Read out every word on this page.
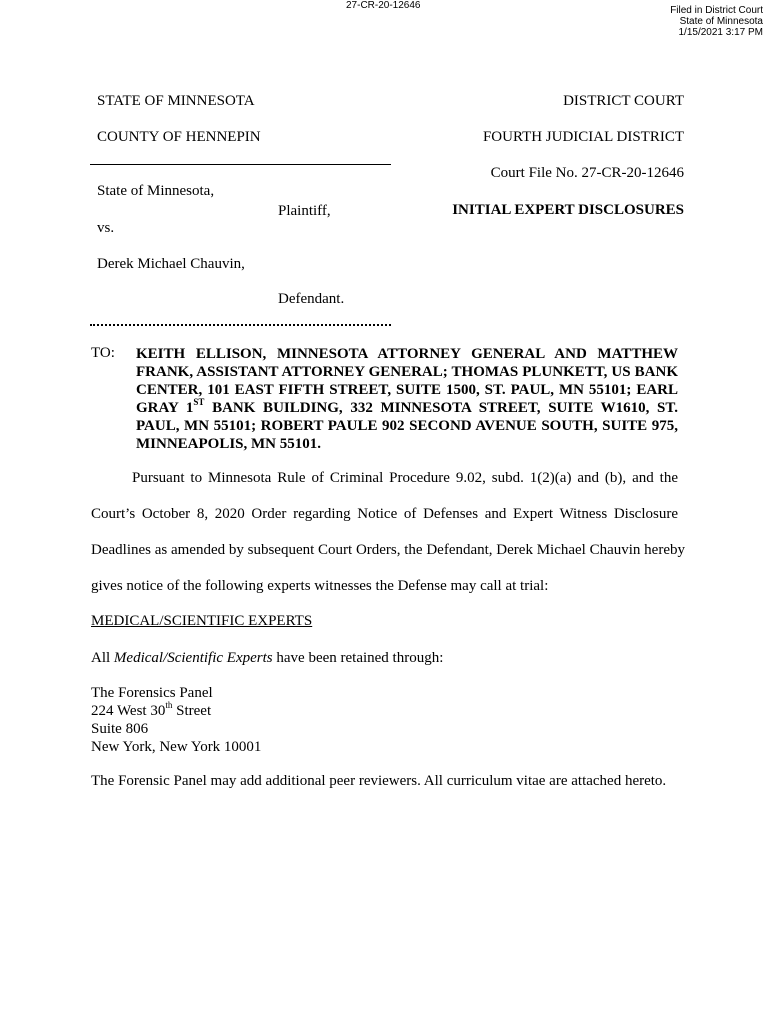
27-CR-20-12646	Filed in District Court
State of Minnesota
1/15/2021 3:17 PM
STATE OF MINNESOTA
COUNTY OF HENNEPIN
DISTRICT COURT
FOURTH JUDICIAL DISTRICT
Court File No. 27-CR-20-12646
INITIAL EXPERT DISCLOSURES
State of Minnesota,
Plaintiff,
vs.
Derek Michael Chauvin,
Defendant.
TO: KEITH ELLISON, MINNESOTA ATTORNEY GENERAL AND MATTHEW FRANK, ASSISTANT ATTORNEY GENERAL; THOMAS PLUNKETT, US BANK CENTER, 101 EAST FIFTH STREET, SUITE 1500, ST. PAUL, MN 55101; EARL GRAY 1ST BANK BUILDING, 332 MINNESOTA STREET, SUITE W1610, ST. PAUL, MN 55101; ROBERT PAULE 902 SECOND AVENUE SOUTH, SUITE 975, MINNEAPOLIS, MN 55101.
Pursuant to Minnesota Rule of Criminal Procedure 9.02, subd. 1(2)(a) and (b), and the
Court’s October 8, 2020 Order regarding Notice of Defenses and Expert Witness Disclosure
Deadlines as amended by subsequent Court Orders, the Defendant, Derek Michael Chauvin hereby
gives notice of the following experts witnesses the Defense may call at trial:
MEDICAL/SCIENTIFIC EXPERTS
All Medical/Scientific Experts have been retained through:
The Forensics Panel
224 West 30th Street
Suite 806
New York, New York 10001
The Forensic Panel may add additional peer reviewers. All curriculum vitae are attached hereto.
